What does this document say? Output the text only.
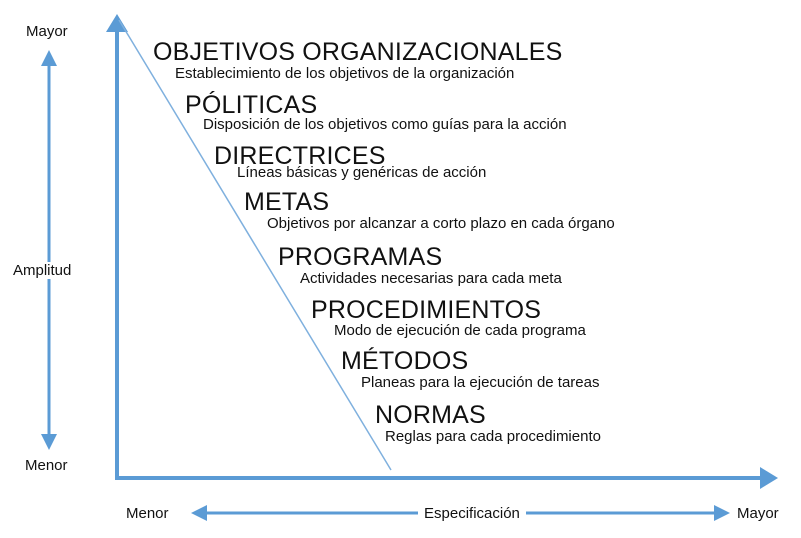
Mayor
Amplitud
Menor
Menor	Especificación	Mayor
OBJETIVOS ORGANIZACIONALES
Establecimiento de los objetivos de la organización
PÓLITICAS
Disposición de los objetivos como guías para la acción
DIRECTRICES
Líneas básicas y genéricas de acción
METAS
Objetivos por alcanzar a corto plazo en cada órgano
PROGRAMAS
Actividades necesarias para cada meta
PROCEDIMIENTOS
Modo de ejecución de cada programa
MÉTODOS
Planeas para la ejecución de tareas
NORMAS
Reglas para cada procedimiento
